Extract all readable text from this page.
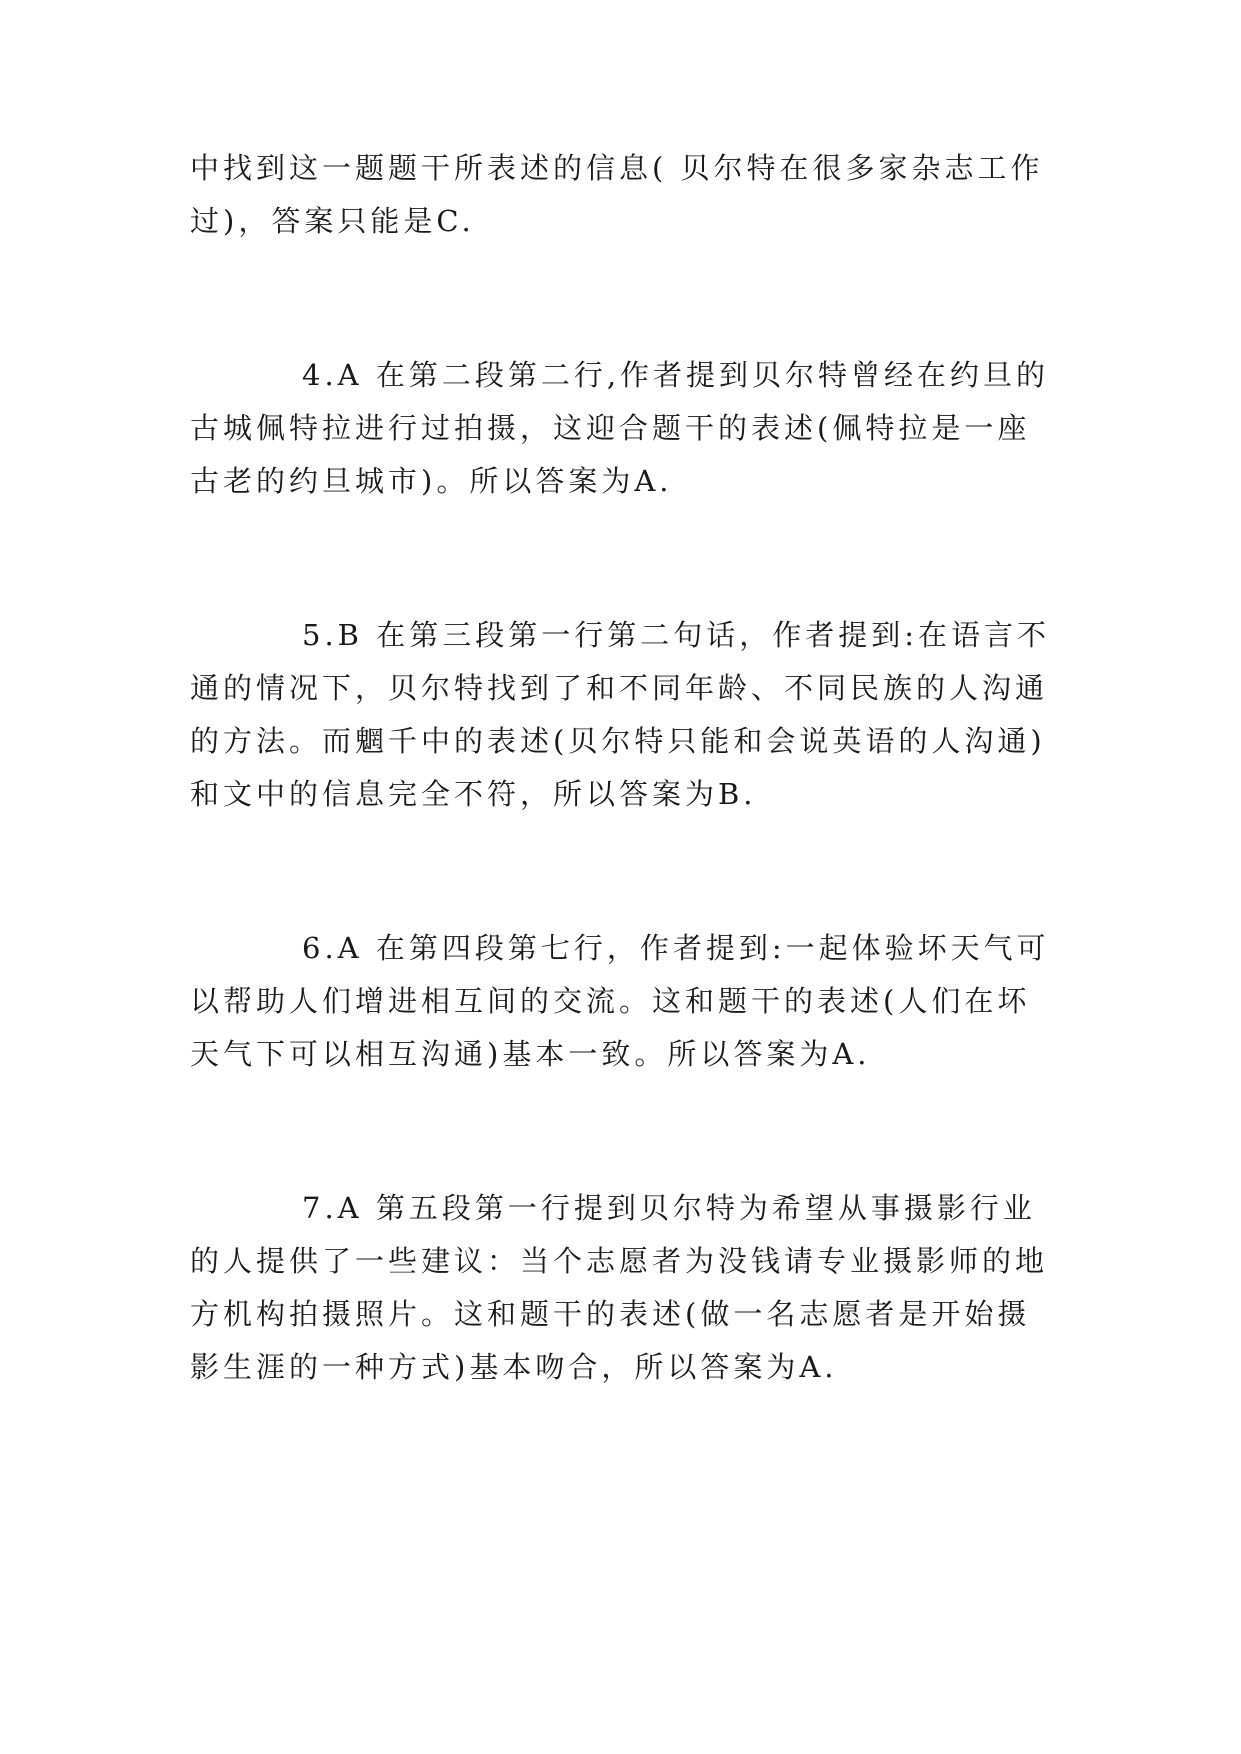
中找到这一题题干所表述的信息( 贝尔特在很多家杂志工作

过)，答案只能是C.

4.A 在第二段第二行,作者提到贝尔特曾经在约旦的

古城佩特拉进行过拍摄，这迎合题干的表述(佩特拉是一座

古老的约旦城市)。所以答案为A.

5.B 在第三段第一行第二句话，作者提到:在语言不

通的情况下，贝尔特找到了和不同年龄、不同民族的人沟通

的方法。而魍千中的表述(贝尔特只能和会说英语的人沟通)

和文中的信息完全不符，所以答案为B.

6.A 在第四段第七行，作者提到:一起体验坏天气可

以帮助人们增进相互间的交流。这和题干的表述(人们在坏

天气下可以相互沟通)基本一致。所以答案为A.

7.A 第五段第一行提到贝尔特为希望从事摄影行业

的人提供了一些建议：当个志愿者为没钱请专业摄影师的地

方机构拍摄照片。这和题干的表述(做一名志愿者是开始摄

影生涯的一种方式)基本吻合，所以答案为A.
